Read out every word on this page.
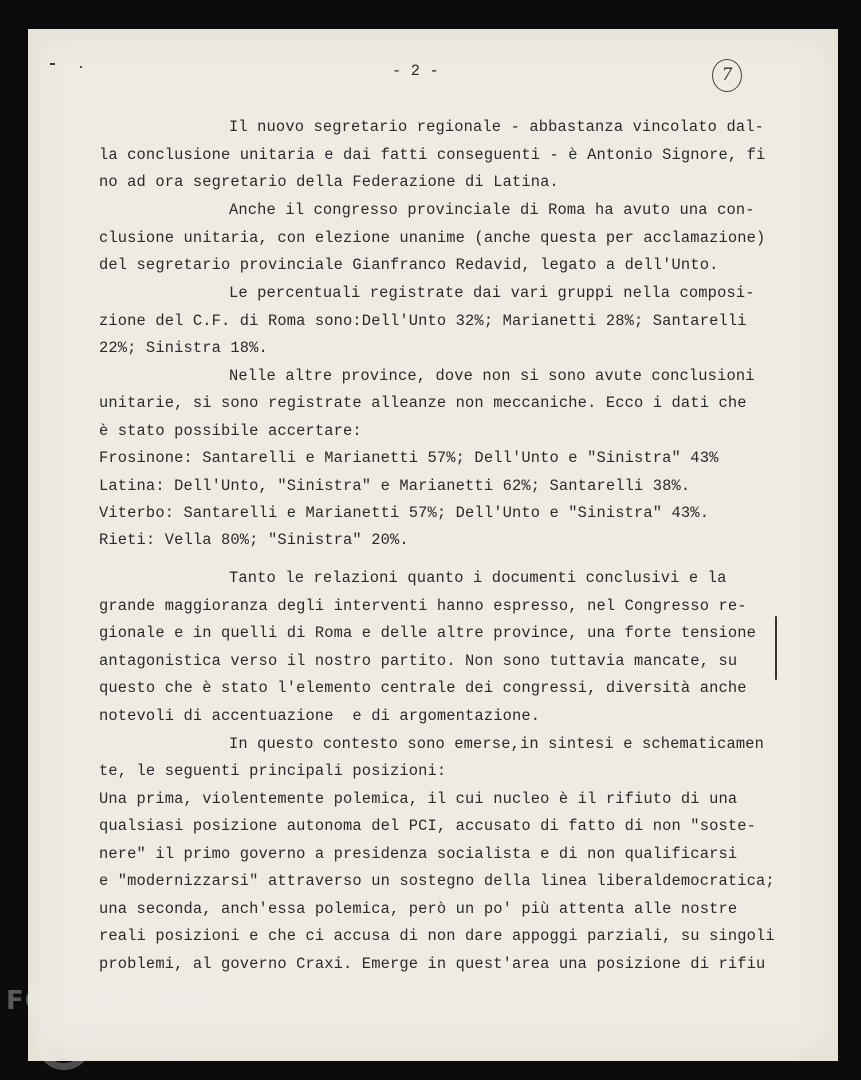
- 2 -	7
Il nuovo segretario regionale - abbastanza vincolato dal-
la conclusione unitaria e dai fatti conseguenti - è Antonio Signore, fi
no ad ora segretario della Federazione di Latina.
Anche il congresso provinciale di Roma ha avuto una con-
clusione unitaria, con elezione unanime (anche questa per acclamazione)
del segretario provinciale Gianfranco Redavid, legato a dell'Unto.
Le percentuali registrate dai vari gruppi nella composi-
zione del C.F. di Roma sono:Dell'Unto 32%; Marianetti 28%; Santarelli
22%; Sinistra 18%.
Nelle altre province, dove non si sono avute conclusioni
unitarie, si sono registrate alleanze non meccaniche. Ecco i dati che
è stato possibile accertare:
Frosinone: Santarelli e Marianetti 57%; Dell'Unto e "Sinistra" 43%
Latina: Dell'Unto, "Sinistra" e Marianetti 62%; Santarelli 38%.
Viterbo: Santarelli e Marianetti 57%; Dell'Unto e "Sinistra" 43%.
Rieti: Vella 80%; "Sinistra" 20%.
Tanto le relazioni quanto i documenti conclusivi e la
grande maggioranza degli interventi hanno espresso, nel Congresso re-
gionale e in quelli di Roma e delle altre province, una forte tensione
antagonistica verso il nostro partito. Non sono tuttavia mancate, su
questo che è stato l'elemento centrale dei congressi, diversità anche
notevoli di accentuazione  e di argomentazione.
In questo contesto sono emerse,in sintesi e schematicamen
te, le seguenti principali posizioni:
Una prima, violentemente polemica, il cui nucleo è il rifiuto di una
qualsiasi posizione autonoma del PCI, accusato di fatto di non "soste-
nere" il primo governo a presidenza socialista e di non qualificarsi
e "modernizzarsi" attraverso un sostegno della linea liberaldemocratica;
una seconda, anch'essa polemica, però un po' più attenta alle nostre
reali posizioni e che ci accusa di non dare appoggi parziali, su singoli
problemi, al governo Craxi. Emerge in quest'area una posizione di rifiu
FONDAZIONE
GRAMSCI
onlus
